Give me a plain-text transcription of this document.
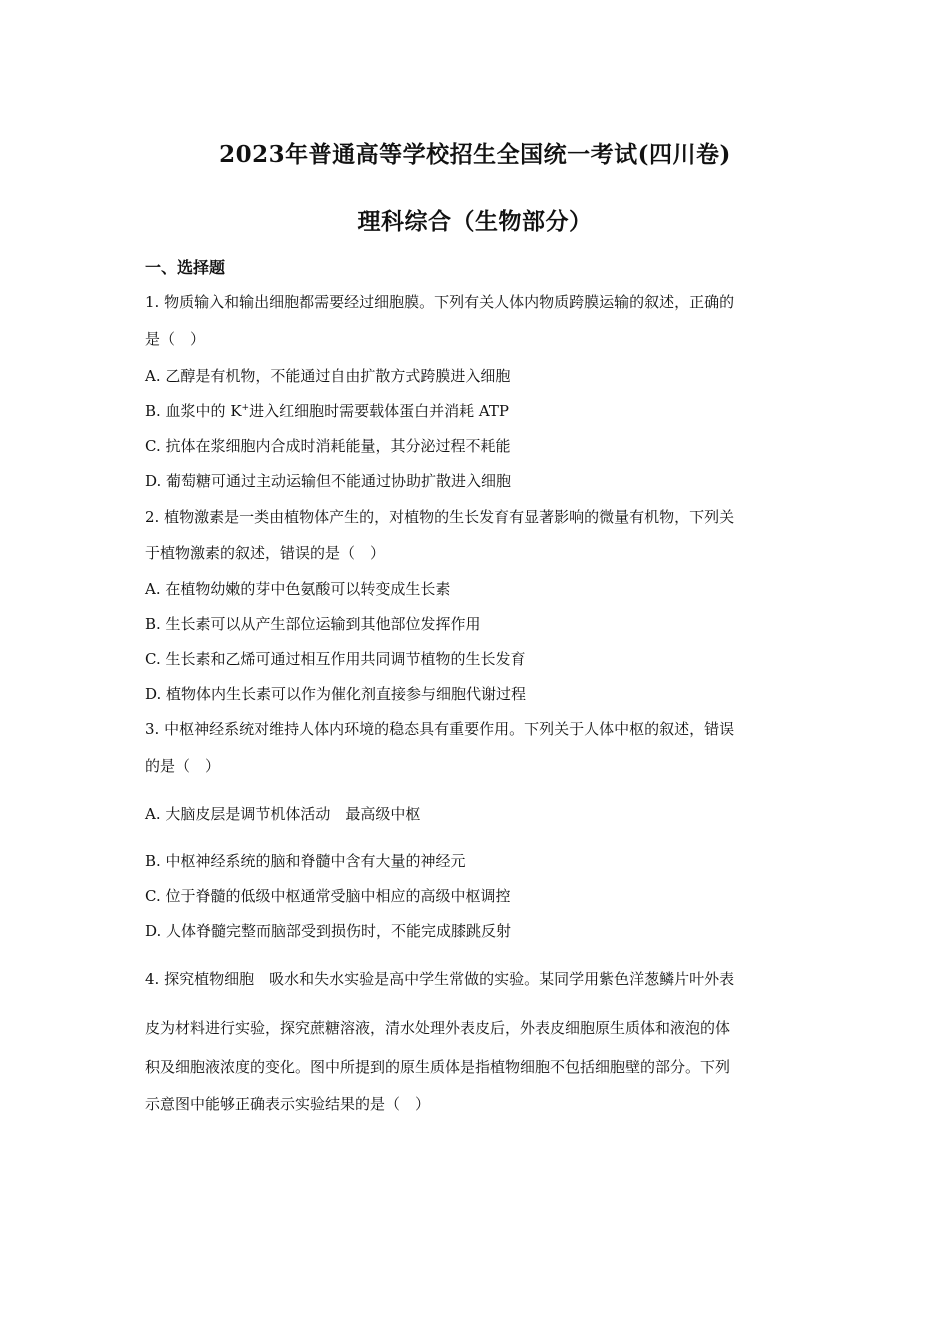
2023年普通高等学校招生全国统一考试(四川卷)
理科综合（生物部分）
一、选择题
1. 物质输入和输出细胞都需要经过细胞膜。下列有关人体内物质跨膜运输的叙述，正确的
是（　）
A. 乙醇是有机物，不能通过自由扩散方式跨膜进入细胞
B. 血浆中的 K+进入红细胞时需要载体蛋白并消耗 ATP
C. 抗体在浆细胞内合成时消耗能量，其分泌过程不耗能
D. 葡萄糖可通过主动运输但不能通过协助扩散进入细胞
2. 植物激素是一类由植物体产生的，对植物的生长发育有显著影响的微量有机物，下列关
于植物激素的叙述，错误的是（　）
A. 在植物幼嫩的芽中色氨酸可以转变成生长素
B. 生长素可以从产生部位运输到其他部位发挥作用
C. 生长素和乙烯可通过相互作用共同调节植物的生长发育
D. 植物体内生长素可以作为催化剂直接参与细胞代谢过程
3. 中枢神经系统对维持人体内环境的稳态具有重要作用。下列关于人体中枢的叙述，错误
的是（　）
A. 大脑皮层是调节机体活动　最高级中枢
B. 中枢神经系统的脑和脊髓中含有大量的神经元
C. 位于脊髓的低级中枢通常受脑中相应的高级中枢调控
D. 人体脊髓完整而脑部受到损伤时，不能完成膝跳反射
4. 探究植物细胞　吸水和失水实验是高中学生常做的实验。某同学用紫色洋葱鳞片叶外表
皮为材料进行实验，探究蔗糖溶液，清水处理外表皮后，外表皮细胞原生质体和液泡的体
积及细胞液浓度的变化。图中所提到的原生质体是指植物细胞不包括细胞壁的部分。下列
示意图中能够正确表示实验结果的是（　）
